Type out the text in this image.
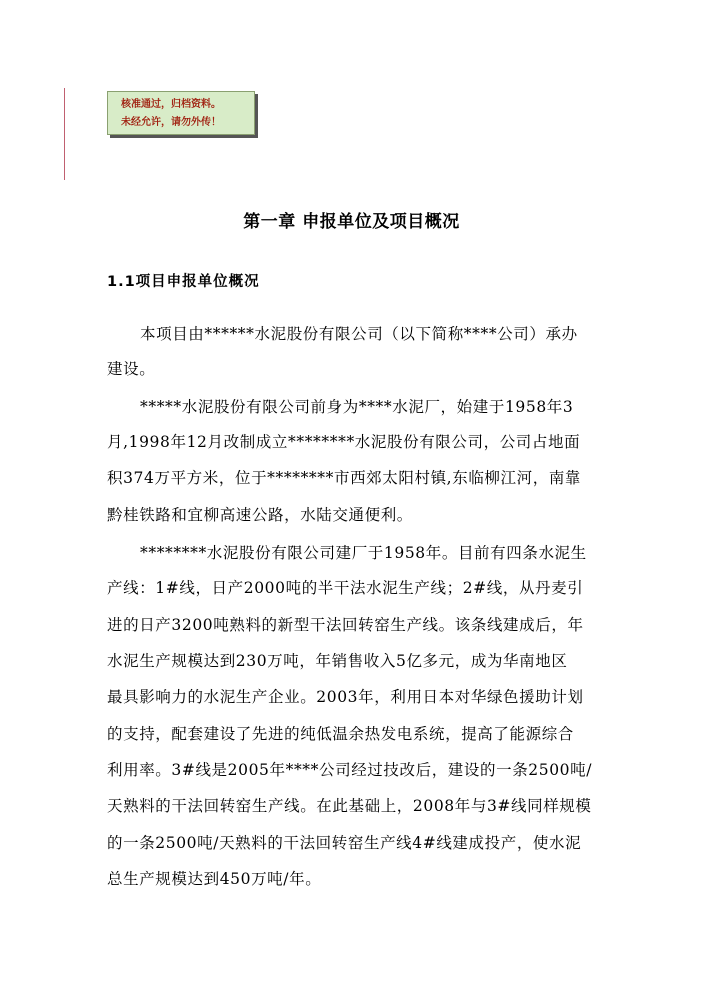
核准通过，归档资料。
未经允许，请勿外传！
第一章 申报单位及项目概况
1.1项目申报单位概况
本项目由******水泥股份有限公司（以下简称****公司）承办
建设。
*****水泥股份有限公司前身为****水泥厂，始建于1958年3
月,1998年12月改制成立********水泥股份有限公司，公司占地面
积374万平方米，位于********市西郊太阳村镇,东临柳江河，南靠
黔桂铁路和宜柳高速公路，水陆交通便利。
********水泥股份有限公司建厂于1958年。目前有四条水泥生
产线：1#线，日产2000吨的半干法水泥生产线；2#线，从丹麦引
进的日产3200吨熟料的新型干法回转窑生产线。该条线建成后，年
水泥生产规模达到230万吨，年销售收入5亿多元，成为华南地区
最具影响力的水泥生产企业。2003年，利用日本对华绿色援助计划
的支持，配套建设了先进的纯低温余热发电系统，提高了能源综合
利用率。3#线是2005年****公司经过技改后，建设的一条2500吨/
天熟料的干法回转窑生产线。在此基础上，2008年与3#线同样规模
的一条2500吨/天熟料的干法回转窑生产线4#线建成投产，使水泥
总生产规模达到450万吨/年。
